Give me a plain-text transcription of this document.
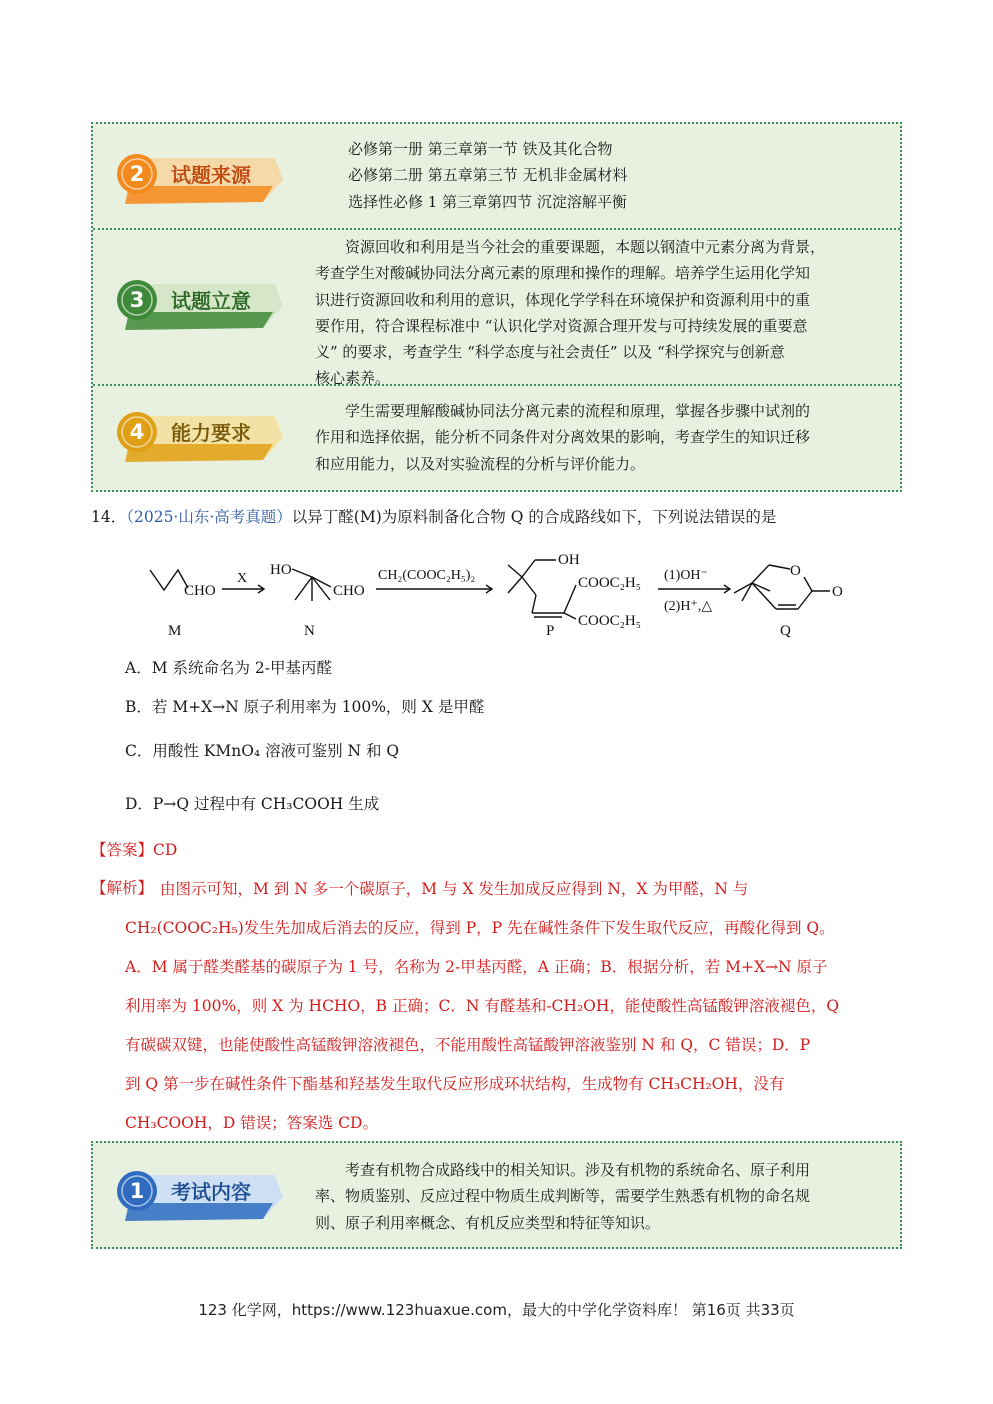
2 试题来源
必修第一册 第三章第一节 铁及其化合物
必修第二册 第五章第三节 无机非金属材料
选择性必修 1 第三章第四节 沉淀溶解平衡
3 试题立意
资源回收和利用是当今社会的重要课题，本题以钢渣中元素分离为背景，
考查学生对酸碱协同法分离元素的原理和操作的理解。培养学生运用化学知
识进行资源回收和利用的意识，体现化学学科在环境保护和资源利用中的重
要作用，符合课程标准中 “认识化学对资源合理开发与可持续发展的重要意
义” 的要求，考查学生 “科学态度与社会责任” 以及 “科学探究与创新意
核心素养。
4 能力要求
学生需要理解酸碱协同法分离元素的流程和原理，掌握各步骤中试剂的
作用和选择依据，能分析不同条件对分离效果的影响，考查学生的知识迁移
和应用能力，以及对实验流程的分析与评价能力。
14．（2025·山东·高考真题）以异丁醛(M)为原料制备化合物 Q 的合成路线如下，下列说法错误的是
CHO
X
HO
CHO
CH₂(COOC₂H₅)₂
OH
COOC₂H₅
COOC₂H₅
(1)OH⁻
(2)H⁺,△
O
O
M	N	P	Q
A．M 系统命名为 2-甲基丙醛
B．若 M+X→N 原子利用率为 100%，则 X 是甲醛
C．用酸性 KMnO₄ 溶液可鉴别 N 和 Q
D．P→Q 过程中有 CH₃COOH 生成
【答案】CD
【解析】 由图示可知，M 到 N 多一个碳原子，M 与 X 发生加成反应得到 N，X 为甲醛，N 与
CH₂(COOC₂H₅)发生先加成后消去的反应，得到 P，P 先在碱性条件下发生取代反应，再酸化得到 Q。
A．M 属于醛类醛基的碳原子为 1 号，名称为 2-甲基丙醛，A 正确；B．根据分析，若 M+X→N 原子
利用率为 100%，则 X 为 HCHO，B 正确；C．N 有醛基和-CH₂OH，能使酸性高锰酸钾溶液褪色，Q
有碳碳双键，也能使酸性高锰酸钾溶液褪色，不能用酸性高锰酸钾溶液鉴别 N 和 Q，C 错误；D．P
到 Q 第一步在碱性条件下酯基和羟基发生取代反应形成环状结构，生成物有 CH₃CH₂OH，没有
CH₃COOH，D 错误；答案选 CD。
1 考试内容
考查有机物合成路线中的相关知识。涉及有机物的系统命名、原子利用
率、物质鉴别、反应过程中物质生成判断等，需要学生熟悉有机物的命名规
则、原子利用率概念、有机反应类型和特征等知识。
123 化学网，https://www.123huaxue.com，最大的中学化学资料库！ 第16页 共33页
